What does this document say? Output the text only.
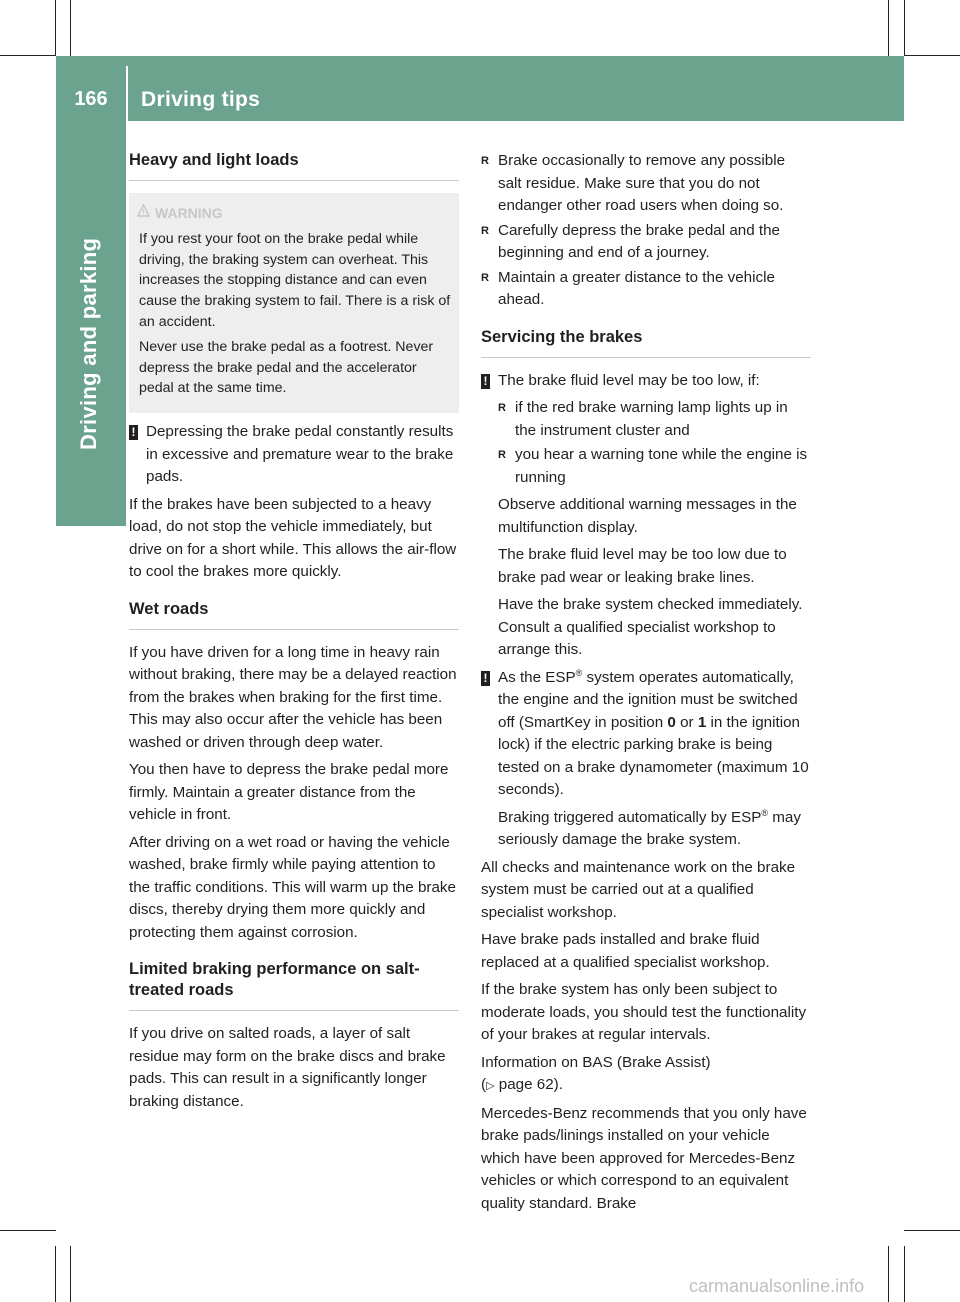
166	Driving tips
Driving and parking
Heavy and light loads
WARNING

If you rest your foot on the brake pedal while driving, the braking system can overheat. This increases the stopping distance and can even cause the braking system to fail. There is a risk of an accident.

Never use the brake pedal as a footrest. Never depress the brake pedal and the accelerator pedal at the same time.

! Depressing the brake pedal constantly results in excessive and premature wear to the brake pads.

If the brakes have been subjected to a heavy load, do not stop the vehicle immediately, but drive on for a short while. This allows the air-flow to cool the brakes more quickly.

Wet roads

If you have driven for a long time in heavy rain without braking, there may be a delayed reaction from the brakes when braking for the first time. This may also occur after the vehicle has been washed or driven through deep water.

You then have to depress the brake pedal more firmly. Maintain a greater distance from the vehicle in front.

After driving on a wet road or having the vehicle washed, brake firmly while paying attention to the traffic conditions. This will warm up the brake discs, thereby drying them more quickly and protecting them against corrosion.

Limited braking performance on salt-treated roads

If you drive on salted roads, a layer of salt residue may form on the brake discs and brake pads. This can result in a significantly longer braking distance.

R Brake occasionally to remove any possible salt residue. Make sure that you do not endanger other road users when doing so.
R Carefully depress the brake pedal and the beginning and end of a journey.
R Maintain a greater distance to the vehicle ahead.
Servicing the brakes
! The brake fluid level may be too low, if:

R if the red brake warning lamp lights up in the instrument cluster and
R you hear a warning tone while the engine is running

Observe additional warning messages in the multifunction display.

The brake fluid level may be too low due to brake pad wear or leaking brake lines.

Have the brake system checked immediately. Consult a qualified specialist workshop to arrange this.

! As the ESP® system operates automatically, the engine and the ignition must be switched off (SmartKey in position 0 or 1 in the ignition lock) if the electric parking brake is being tested on a brake dynamometer (maximum 10 seconds).

Braking triggered automatically by ESP® may seriously damage the brake system.

All checks and maintenance work on the brake system must be carried out at a qualified specialist workshop.

Have brake pads installed and brake fluid replaced at a qualified specialist workshop.

If the brake system has only been subject to moderate loads, you should test the functionality of your brakes at regular intervals.

Information on BAS (Brake Assist)
(▷ page 62).

Mercedes-Benz recommends that you only have brake pads/linings installed on your vehicle which have been approved for Mercedes-Benz vehicles or which correspond to an equivalent quality standard. Brake

carmanualsonline.info
